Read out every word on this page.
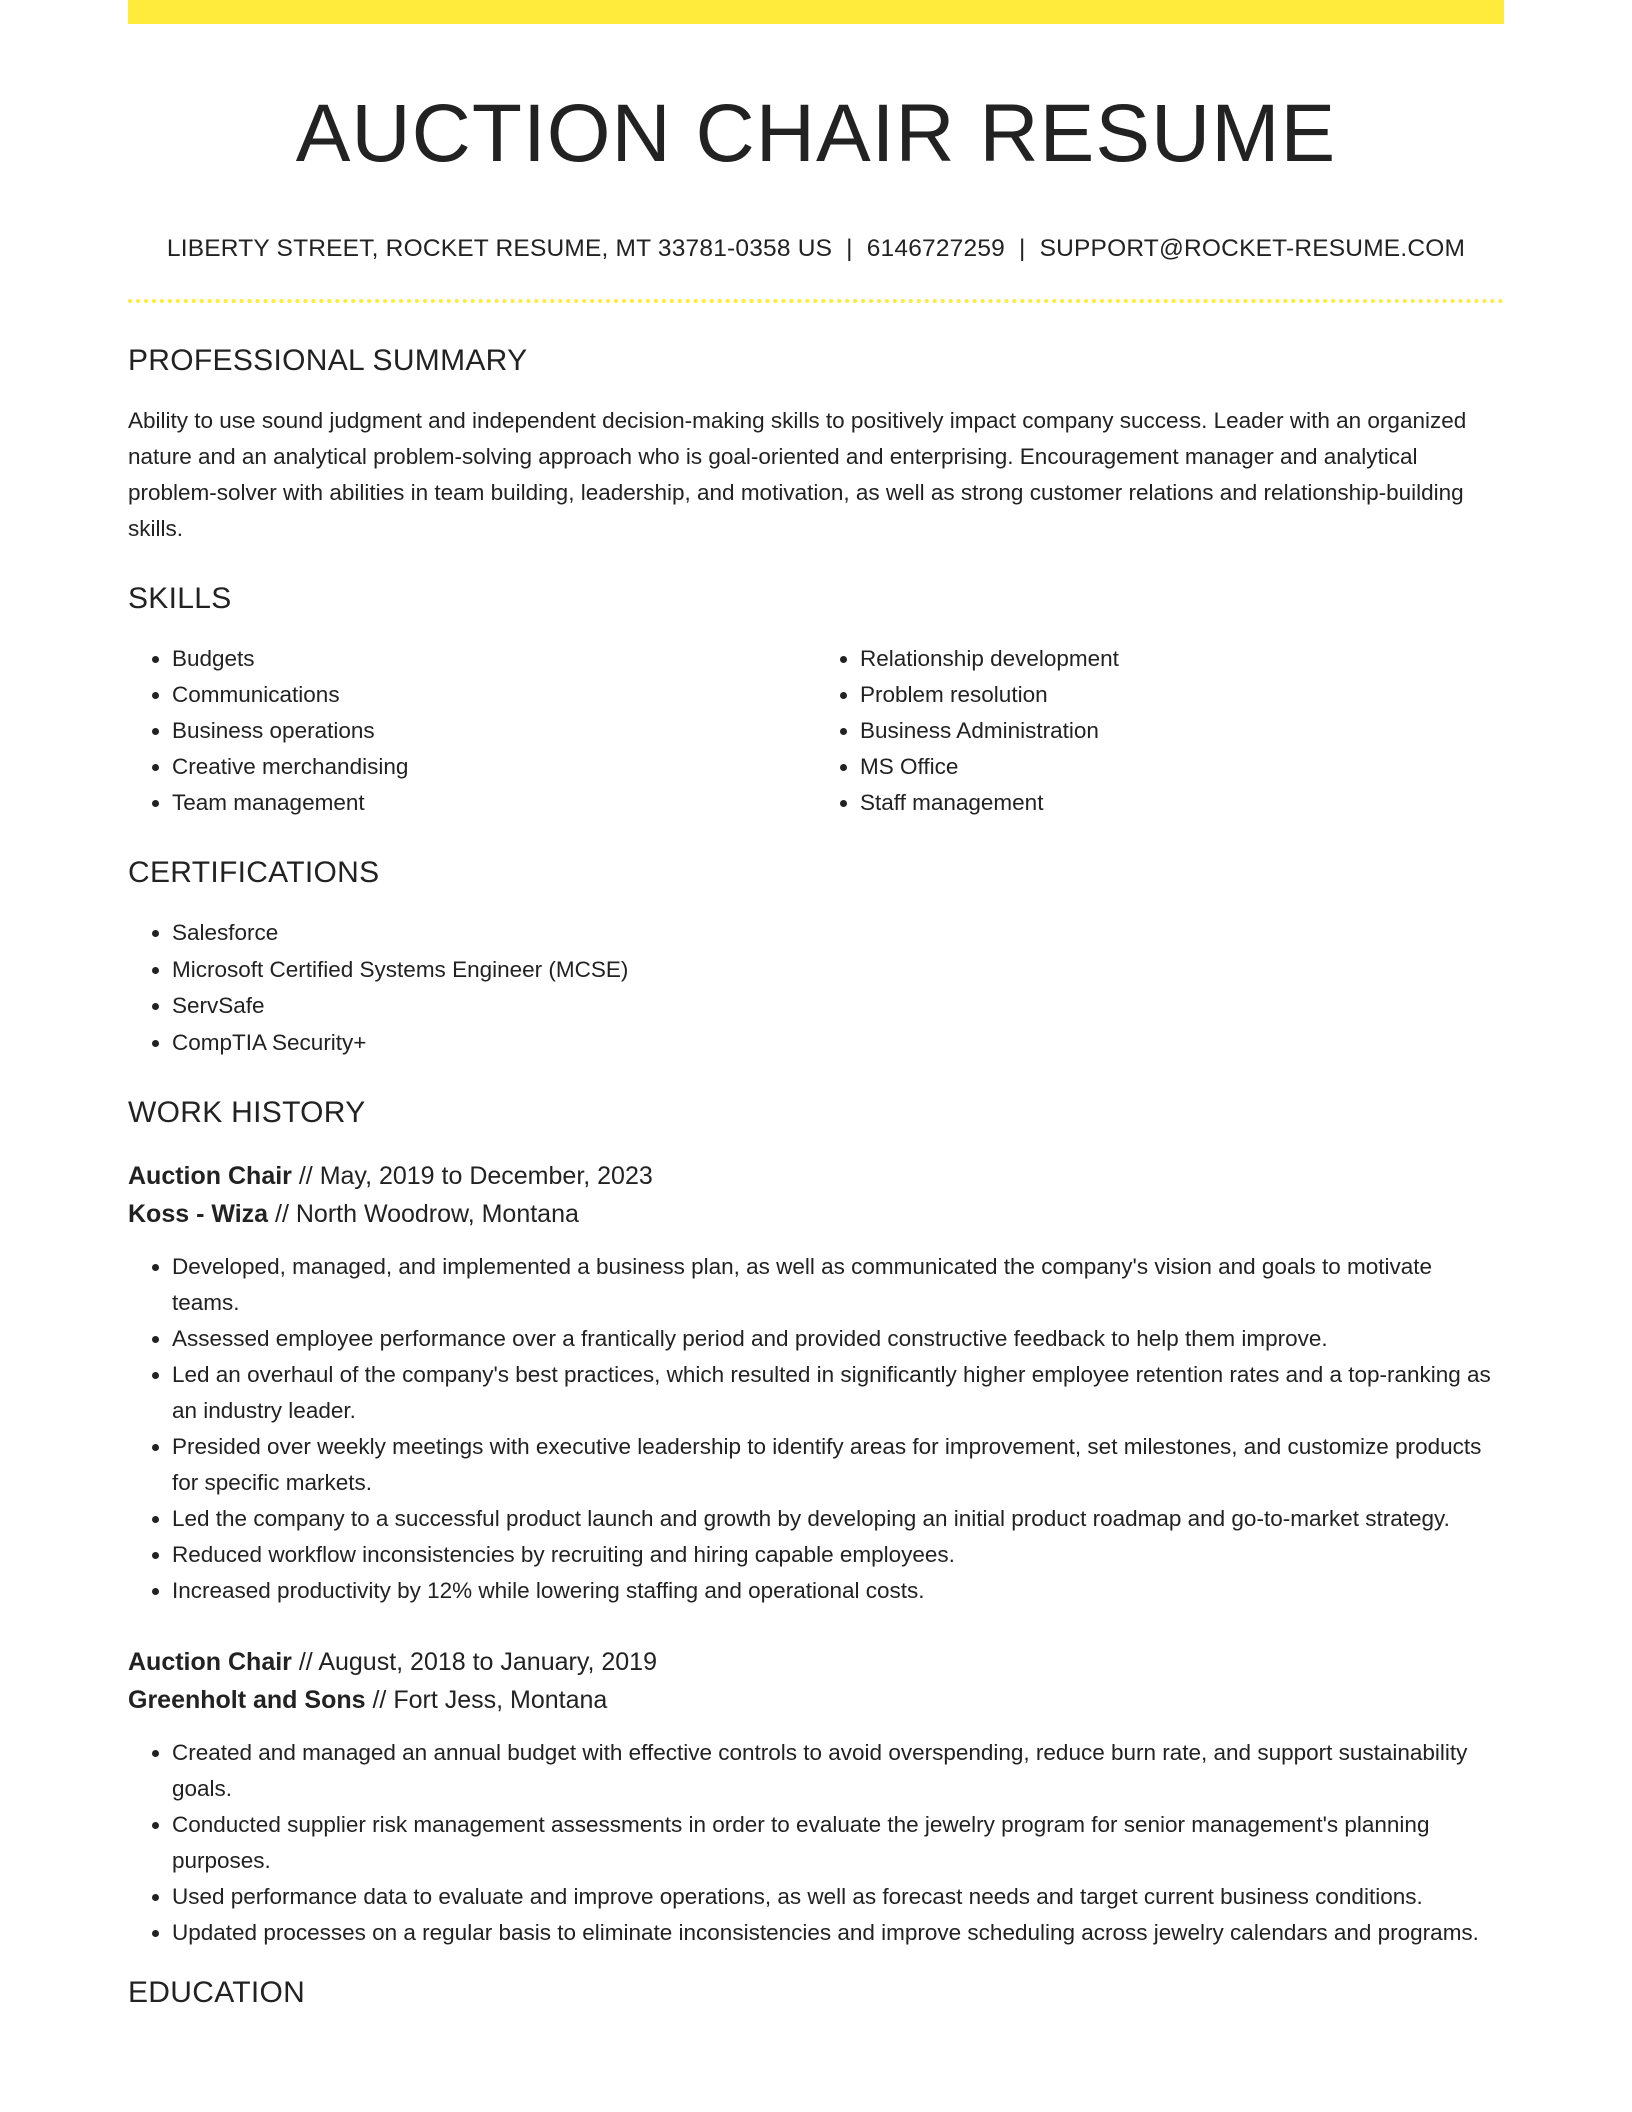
AUCTION CHAIR RESUME
LIBERTY STREET, ROCKET RESUME, MT 33781-0358 US | 6146727259 | SUPPORT@ROCKET-RESUME.COM
PROFESSIONAL SUMMARY

Ability to use sound judgment and independent decision-making skills to positively impact company success. Leader with an organized nature and an analytical problem-solving approach who is goal-oriented and enterprising. Encouragement manager and analytical problem-solver with abilities in team building, leadership, and motivation, as well as strong customer relations and relationship-building skills.

SKILLS
• Budgets
• Communications
• Business operations
• Creative merchandising
• Team management
• Relationship development
• Problem resolution
• Business Administration
• MS Office
• Staff management
CERTIFICATIONS
• Salesforce
• Microsoft Certified Systems Engineer (MCSE)
• ServSafe
• CompTIA Security+
WORK HISTORY
Auction Chair // May, 2019 to December, 2023
Koss - Wiza // North Woodrow, Montana
• Developed, managed, and implemented a business plan, as well as communicated the company's vision and goals to motivate teams.
• Assessed employee performance over a frantically period and provided constructive feedback to help them improve.
• Led an overhaul of the company's best practices, which resulted in significantly higher employee retention rates and a top-ranking as an industry leader.
• Presided over weekly meetings with executive leadership to identify areas for improvement, set milestones, and customize products for specific markets.
• Led the company to a successful product launch and growth by developing an initial product roadmap and go-to-market strategy.
• Reduced workflow inconsistencies by recruiting and hiring capable employees.
• Increased productivity by 12% while lowering staffing and operational costs.
Auction Chair // August, 2018 to January, 2019
Greenholt and Sons // Fort Jess, Montana
• Created and managed an annual budget with effective controls to avoid overspending, reduce burn rate, and support sustainability goals.
• Conducted supplier risk management assessments in order to evaluate the jewelry program for senior management's planning purposes.
• Used performance data to evaluate and improve operations, as well as forecast needs and target current business conditions.
• Updated processes on a regular basis to eliminate inconsistencies and improve scheduling across jewelry calendars and programs.
EDUCATION
